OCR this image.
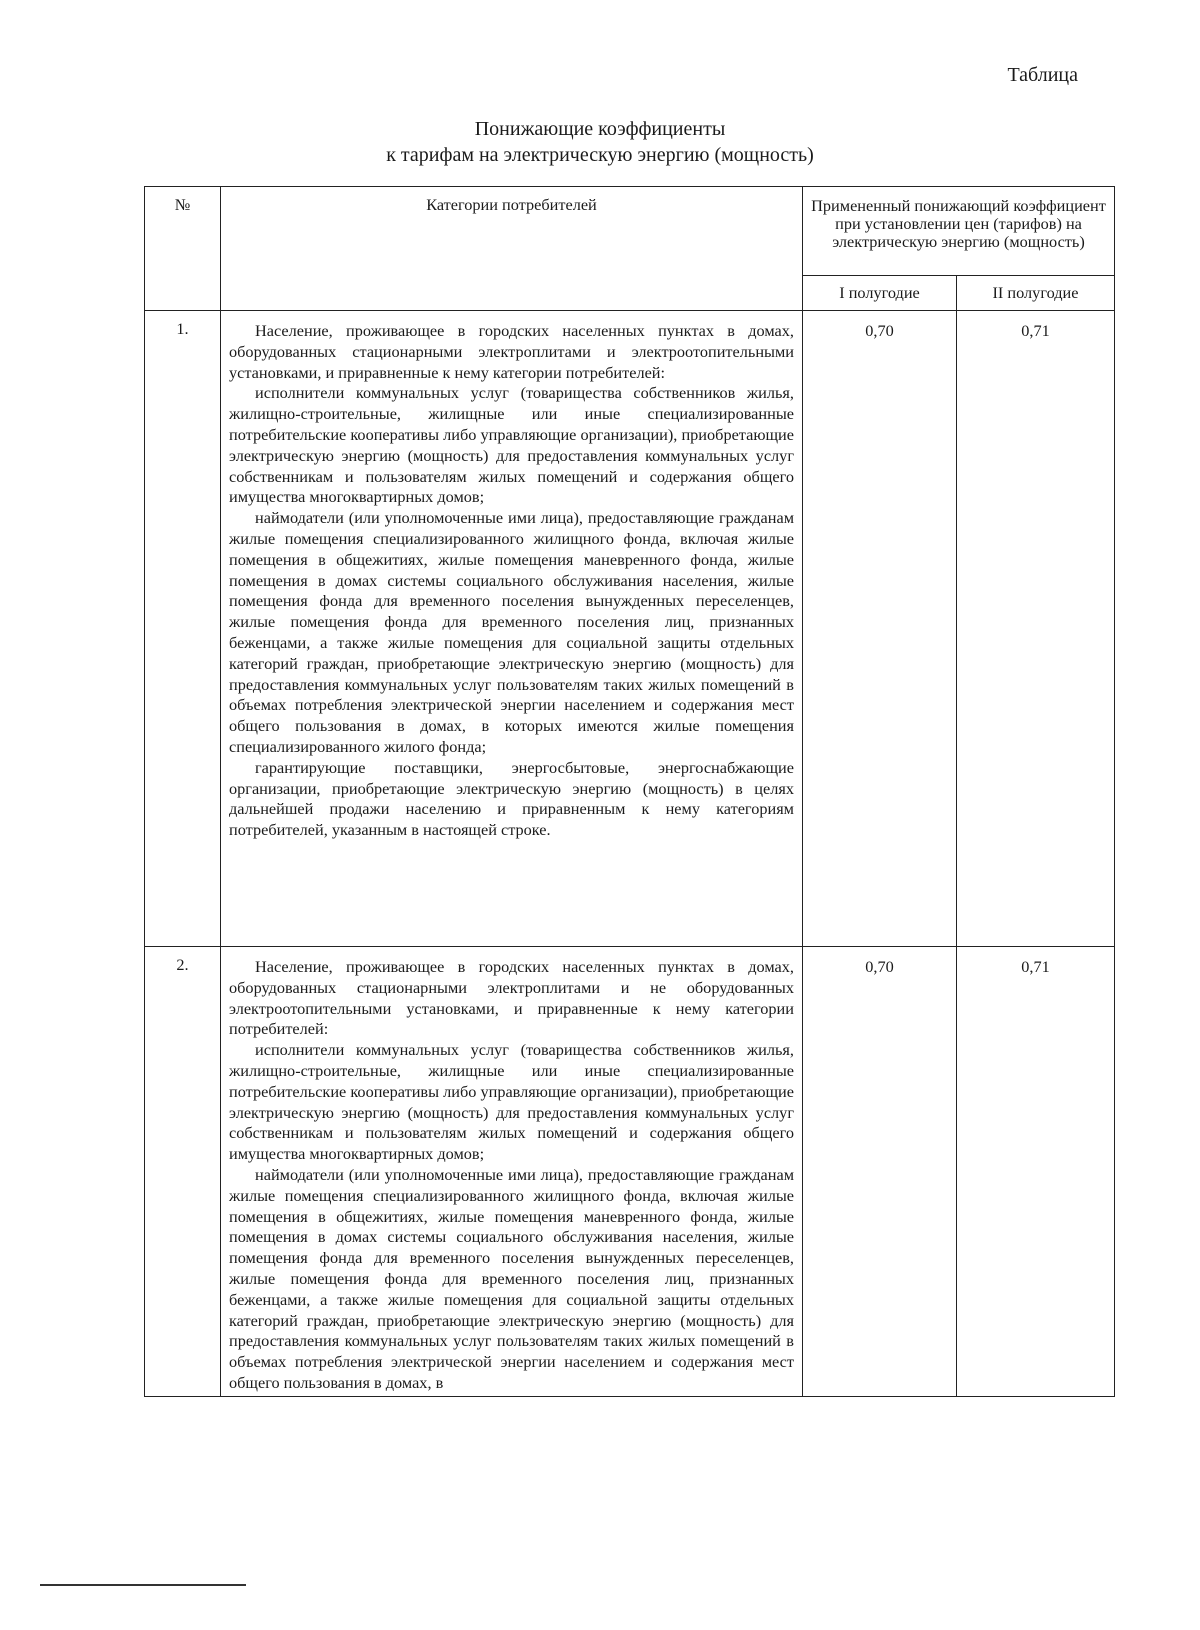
Таблица
Понижающие коэффициенты
к тарифам на электрическую энергию (мощность)
№	Категории потребителей	Примененный понижающий коэффициент при установлении цен (тарифов) на электрическую энергию (мощность)	
		I полугодие	II полугодие
1.	Население, проживающее в городских населенных пунктах в домах, оборудованных стационарными электроплитами и электроотопительными установками, и приравненные к нему категории потребителей:

исполнители коммунальных услуг (товарищества собственников жилья, жилищно-строительные, жилищные или иные специализированные потребительские кооперативы либо управляющие организации), приобретающие электрическую энергию (мощность) для предоставления коммунальных услуг собственникам и пользователям жилых помещений и содержания общего имущества многоквартирных домов;

наймодатели (или уполномоченные ими лица), предоставляющие гражданам жилые помещения специализированного жилищного фонда, включая жилые помещения в общежитиях, жилые помещения маневренного фонда, жилые помещения в домах системы социального обслуживания населения, жилые помещения фонда для временного поселения вынужденных переселенцев, жилые помещения фонда для временного поселения лиц, признанных беженцами, а также жилые помещения для социальной защиты отдельных категорий граждан, приобретающие электрическую энергию (мощность) для предоставления коммунальных услуг пользователям таких жилых помещений в объемах потребления электрической энергии населением и содержания мест общего пользования в домах, в которых имеются жилые помещения специализированного жилого фонда;

гарантирующие поставщики, энергосбытовые, энергоснабжающие организации, приобретающие электрическую энергию (мощность) в целях дальнейшей продажи населению и приравненным к нему категориям потребителей, указанным в настоящей строке.	0,70	0,71
2.	Население, проживающее в городских населенных пунктах в домах, оборудованных стационарными электроплитами и не оборудованных электроотопительными установками, и приравненные к нему категории потребителей:

исполнители коммунальных услуг (товарищества собственников жилья, жилищно-строительные, жилищные или иные специализированные потребительские кооперативы либо управляющие организации), приобретающие электрическую энергию (мощность) для предоставления коммунальных услуг собственникам и пользователям жилых помещений и содержания общего имущества многоквартирных домов;

наймодатели (или уполномоченные ими лица), предоставляющие гражданам жилые помещения специализированного жилищного фонда, включая жилые помещения в общежитиях, жилые помещения маневренного фонда, жилые помещения в домах системы социального обслуживания населения, жилые помещения фонда для временного поселения вынужденных переселенцев, жилые помещения фонда для временного поселения лиц, признанных беженцами, а также жилые помещения для социальной защиты отдельных категорий граждан, приобретающие электрическую энергию (мощность) для предоставления коммунальных услуг пользователям таких жилых помещений в объемах потребления электрической энергии населением и содержания мест общего пользования в домах, в	0,70	0,71
